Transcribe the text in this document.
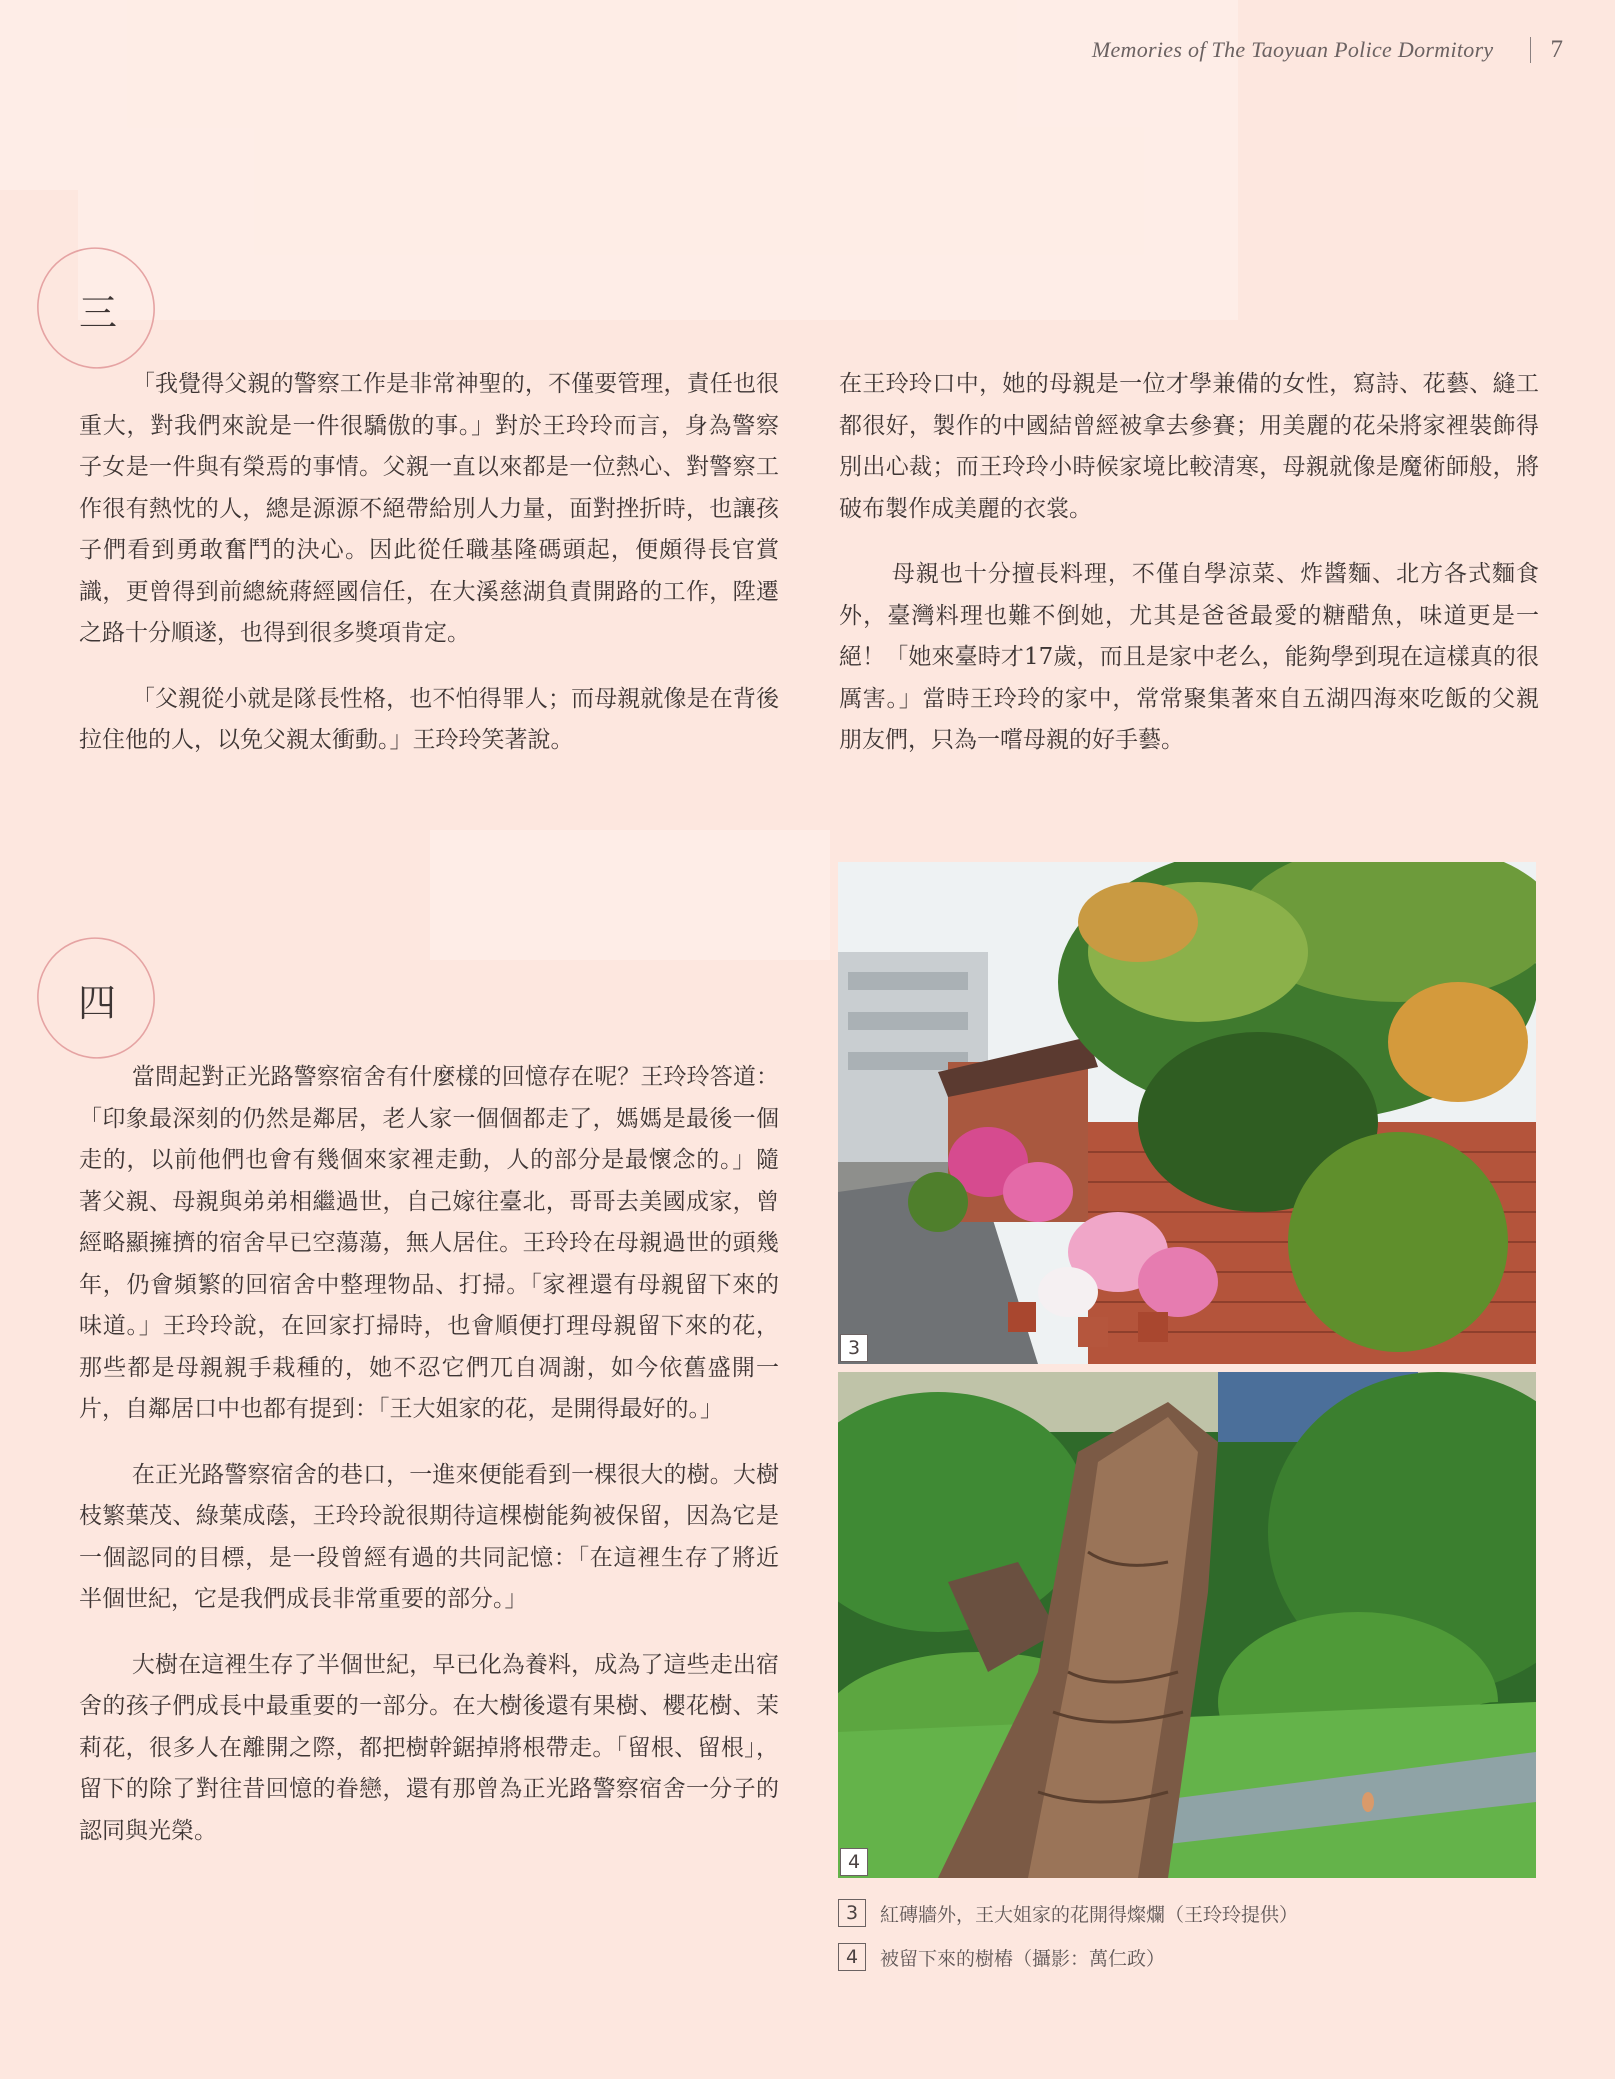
Memories of The Taoyuan Police Dormitory 7
三

「我覺得父親的警察工作是非常神聖的，不僅要管理，責任也很重大，對我們來說是一件很驕傲的事。」對於王玲玲而言，身為警察子女是一件與有榮焉的事情。父親一直以來都是一位熱心、對警察工作很有熱忱的人，總是源源不絕帶給別人力量，面對挫折時，也讓孩子們看到勇敢奮鬥的決心。因此從任職基隆碼頭起，便頗得長官賞識，更曾得到前總統蔣經國信任，在大溪慈湖負責開路的工作，陞遷之路十分順遂，也得到很多獎項肯定。

「父親從小就是隊長性格，也不怕得罪人；而母親就像是在背後拉住他的人，以免父親太衝動。」王玲玲笑著說。

在王玲玲口中，她的母親是一位才學兼備的女性，寫詩、花藝、縫工都很好，製作的中國結曾經被拿去參賽；用美麗的花朵將家裡裝飾得別出心裁；而王玲玲小時候家境比較清寒，母親就像是魔術師般，將破布製作成美麗的衣裳。

母親也十分擅長料理，不僅自學涼菜、炸醬麵、北方各式麵食外，臺灣料理也難不倒她，尤其是爸爸最愛的糖醋魚，味道更是一絕！「她來臺時才17歲，而且是家中老么，能夠學到現在這樣真的很厲害。」當時王玲玲的家中，常常聚集著來自五湖四海來吃飯的父親朋友們，只為一嚐母親的好手藝。

四

當問起對正光路警察宿舍有什麼樣的回憶存在呢？王玲玲答道：「印象最深刻的仍然是鄰居，老人家一個個都走了，媽媽是最後一個走的，以前他們也會有幾個來家裡走動，人的部分是最懷念的。」隨著父親、母親與弟弟相繼過世，自己嫁往臺北，哥哥去美國成家，曾經略顯擁擠的宿舍早已空蕩蕩，無人居住。王玲玲在母親過世的頭幾年，仍會頻繁的回宿舍中整理物品、打掃。「家裡還有母親留下來的味道。」王玲玲說，在回家打掃時，也會順便打理母親留下來的花，那些都是母親親手栽種的，她不忍它們兀自凋謝，如今依舊盛開一片，自鄰居口中也都有提到：「王大姐家的花，是開得最好的。」

在正光路警察宿舍的巷口，一進來便能看到一棵很大的樹。大樹枝繁葉茂、綠葉成蔭，王玲玲說很期待這棵樹能夠被保留，因為它是一個認同的目標，是一段曾經有過的共同記憶：「在這裡生存了將近半個世紀，它是我們成長非常重要的部分。」

大樹在這裡生存了半個世紀，早已化為養料，成為了這些走出宿舍的孩子們成長中最重要的一部分。在大樹後還有果樹、櫻花樹、茉莉花，很多人在離開之際，都把樹幹鋸掉將根帶走。「留根、留根」，留下的除了對往昔回憶的眷戀，還有那曾為正光路警察宿舍一分子的認同與光榮。

3
4
3	紅磚牆外，王大姐家的花開得燦爛（王玲玲提供）
4	被留下來的樹樁（攝影：萬仁政）
